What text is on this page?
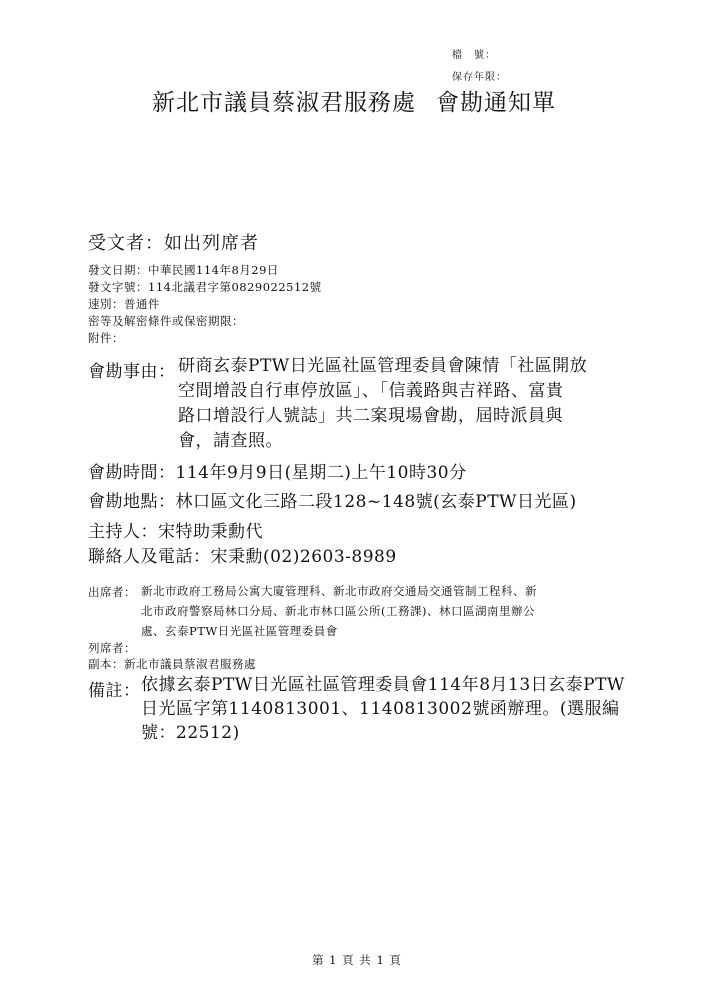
檔　號：
保存年限：
新北市議員蔡淑君服務處 會勘通知單
受文者：如出列席者
發文日期：中華民國114年8月29日
發文字號：114北議君字第0829022512號
速別：普通件
密等及解密條件或保密期限：
附件：
會勘事由： 研商玄泰PTW日光區社區管理委員會陳情「社區開放
空間增設自行車停放區」、「信義路與吉祥路、富貴
路口增設行人號誌」共二案現場會勘，屆時派員與
會，請查照。
會勘時間：114年9月9日(星期二)上午10時30分
會勘地點：林口區文化三路二段128~148號(玄泰PTW日光區)
主持人：宋特助秉勳代
聯絡人及電話：宋秉勳(02)2603-8989
出席者： 新北市政府工務局公寓大廈管理科、新北市政府交通局交通管制工程科、新
北市政府警察局林口分局、新北市林口區公所(工務課)、林口區湖南里辦公
處、玄泰PTW日光區社區管理委員會
列席者：
副本：新北市議員蔡淑君服務處
備註： 依據玄泰PTW日光區社區管理委員會114年8月13日玄泰PTW
日光區字第1140813001、1140813002號函辦理。(選服編
號：22512)
第 1 頁 共 1 頁
